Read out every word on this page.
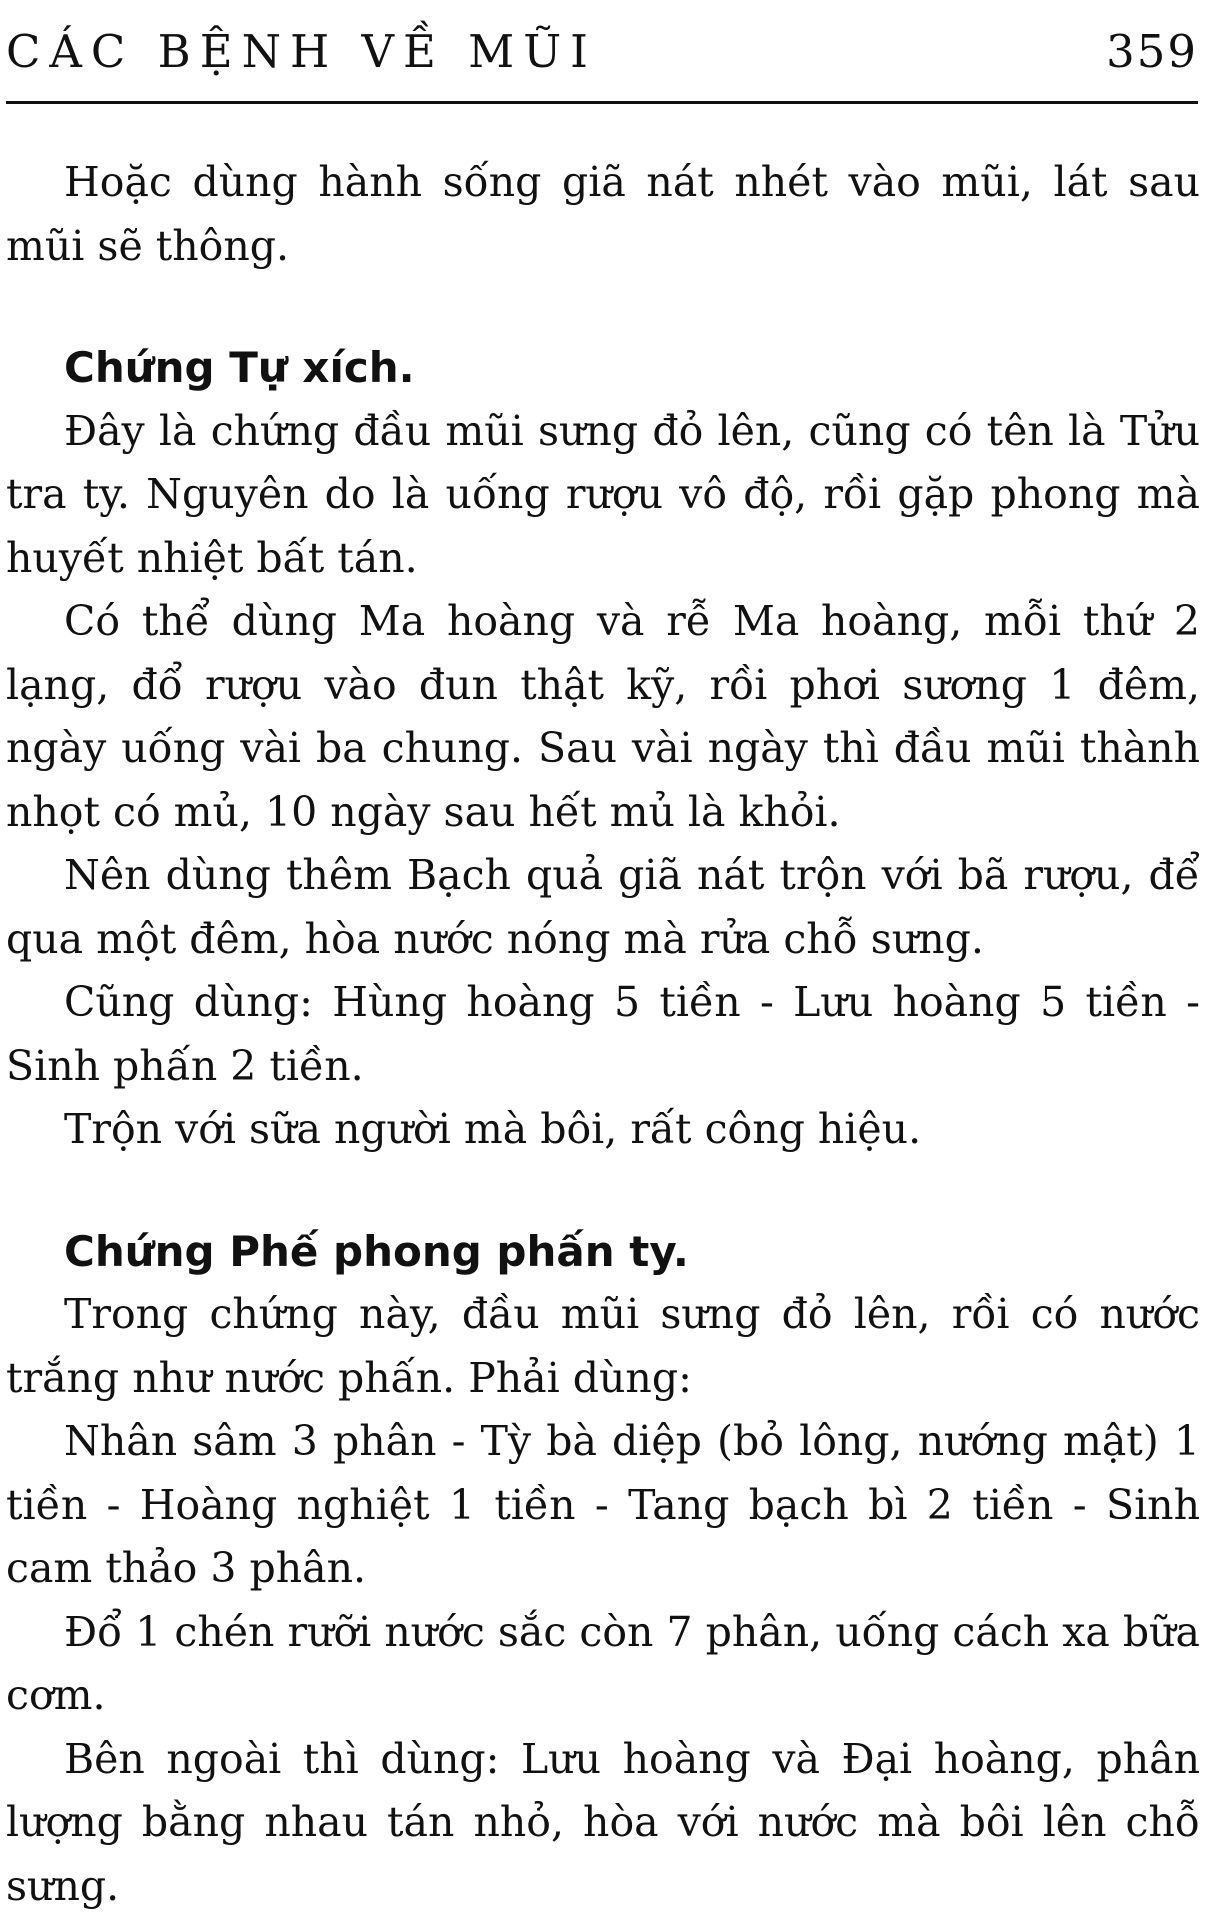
CÁC BỆNH VỀ MŨI	359

Hoặc dùng hành sống giã nát nhét vào mũi, lát sau mũi sẽ thông.

Chứng Tự xích.

Đây là chứng đầu mũi sưng đỏ lên, cũng có tên là Tửu tra ty. Nguyên do là uống rượu vô độ, rồi gặp phong mà huyết nhiệt bất tán.

Có thể dùng Ma hoàng và rễ Ma hoàng, mỗi thứ 2 lạng, đổ rượu vào đun thật kỹ, rồi phơi sương 1 đêm, ngày uống vài ba chung. Sau vài ngày thì đầu mũi thành nhọt có mủ, 10 ngày sau hết mủ là khỏi.

Nên dùng thêm Bạch quả giã nát trộn với bã rượu, để qua một đêm, hòa nước nóng mà rửa chỗ sưng.

Cũng dùng: Hùng hoàng 5 tiền - Lưu hoàng 5 tiền - Sinh phấn 2 tiền.

Trộn với sữa người mà bôi, rất công hiệu.

Chứng Phế phong phấn ty.

Trong chứng này, đầu mũi sưng đỏ lên, rồi có nước trắng như nước phấn. Phải dùng:

Nhân sâm 3 phân - Tỳ bà diệp (bỏ lông, nướng mật) 1 tiền - Hoàng nghiệt 1 tiền - Tang bạch bì 2 tiền - Sinh cam thảo 3 phân.

Đổ 1 chén rưỡi nước sắc còn 7 phân, uống cách xa bữa cơm.

Bên ngoài thì dùng: Lưu hoàng và Đại hoàng, phân lượng bằng nhau tán nhỏ, hòa với nước mà bôi lên chỗ sưng.
